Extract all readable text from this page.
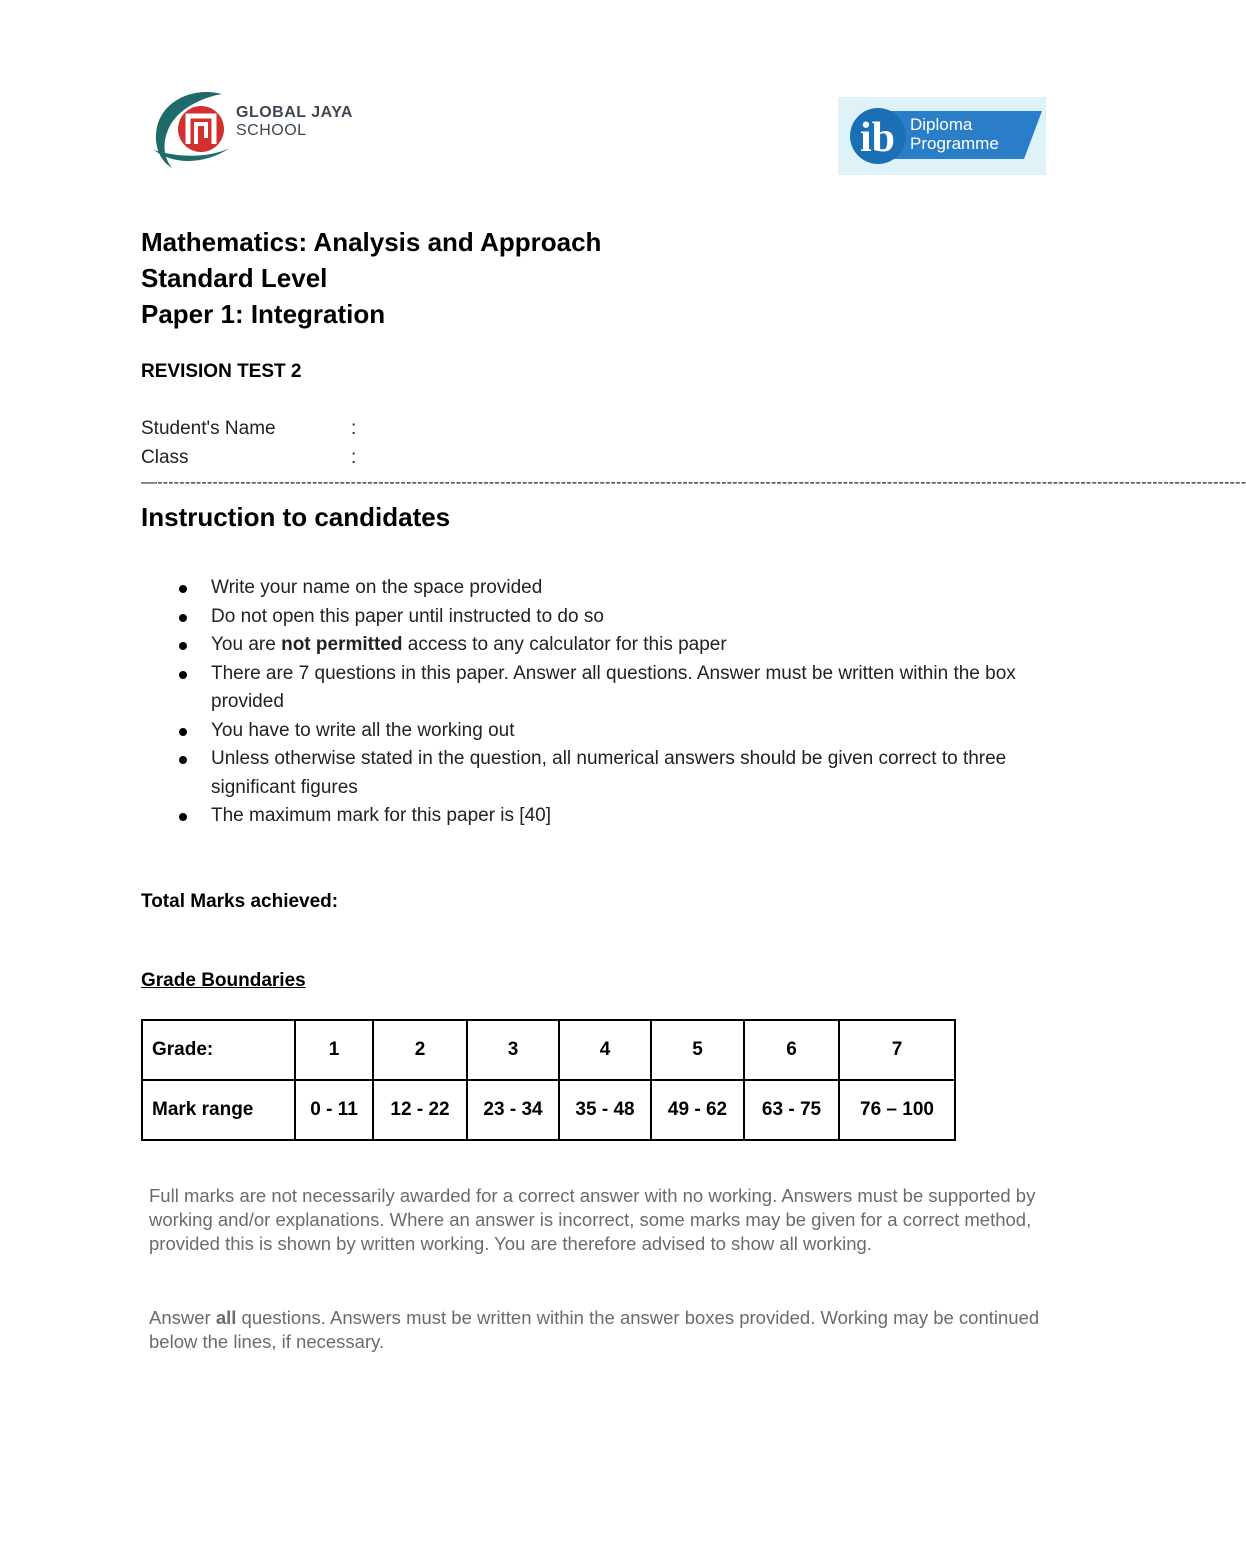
GLOBAL JAYA
SCHOOL	ib Diploma
Programme
Mathematics: Analysis and Approach
Standard Level
Paper 1: Integration
REVISION TEST 2
Student's Name	:
Class	:
—-----------------------------------------------------------------------------------------------------------------------------------------------------------------------------------------------------
Instruction to candidates
Write your name on the space provided
Do not open this paper until instructed to do so
You are not permitted access to any calculator for this paper
There are 7 questions in this paper. Answer all questions. Answer must be written within the box provided
You have to write all the working out
Unless otherwise stated in the question, all numerical answers should be given correct to three significant figures
The maximum mark for this paper is [40]
Total Marks achieved:
Grade Boundaries
Grade:	1	2	3	4	5	6	7
Mark range	0 - 11	12 - 22	23 - 34	35 - 48	49 - 62	63 - 75	76 – 100
Full marks are not necessarily awarded for a correct answer with no working. Answers must be supported by working and/or explanations. Where an answer is incorrect, some marks may be given for a correct method, provided this is shown by written working. You are therefore advised to show all working.
Answer all questions. Answers must be written within the answer boxes provided. Working may be continued below the lines, if necessary.
